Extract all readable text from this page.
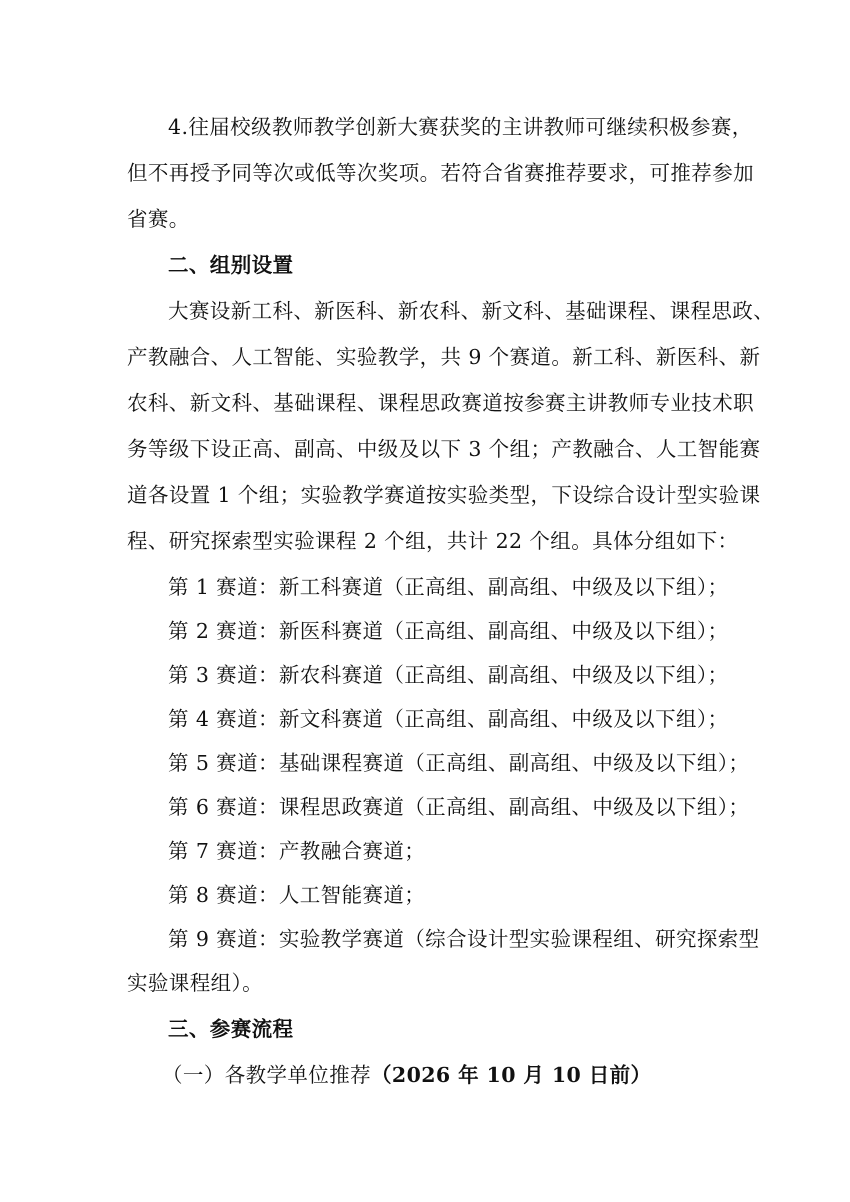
4.往届校级教师教学创新大赛获奖的主讲教师可继续积极参赛，
但不再授予同等次或低等次奖项。若符合省赛推荐要求，可推荐参加
省赛。
二、组别设置
大赛设新工科、新医科、新农科、新文科、基础课程、课程思政、
产教融合、人工智能、实验教学，共 9 个赛道。新工科、新医科、新
农科、新文科、基础课程、课程思政赛道按参赛主讲教师专业技术职
务等级下设正高、副高、中级及以下 3 个组；产教融合、人工智能赛
道各设置 1 个组；实验教学赛道按实验类型，下设综合设计型实验课
程、研究探索型实验课程 2 个组，共计 22 个组。具体分组如下：
第 1 赛道：新工科赛道（正高组、副高组、中级及以下组）；
第 2 赛道：新医科赛道（正高组、副高组、中级及以下组）；
第 3 赛道：新农科赛道（正高组、副高组、中级及以下组）；
第 4 赛道：新文科赛道（正高组、副高组、中级及以下组）；
第 5 赛道：基础课程赛道（正高组、副高组、中级及以下组）；
第 6 赛道：课程思政赛道（正高组、副高组、中级及以下组）；
第 7 赛道：产教融合赛道；
第 8 赛道：人工智能赛道；
第 9 赛道：实验教学赛道（综合设计型实验课程组、研究探索型
实验课程组）。
三、参赛流程
（一）各教学单位推荐（2026 年 10 月 10 日前）
